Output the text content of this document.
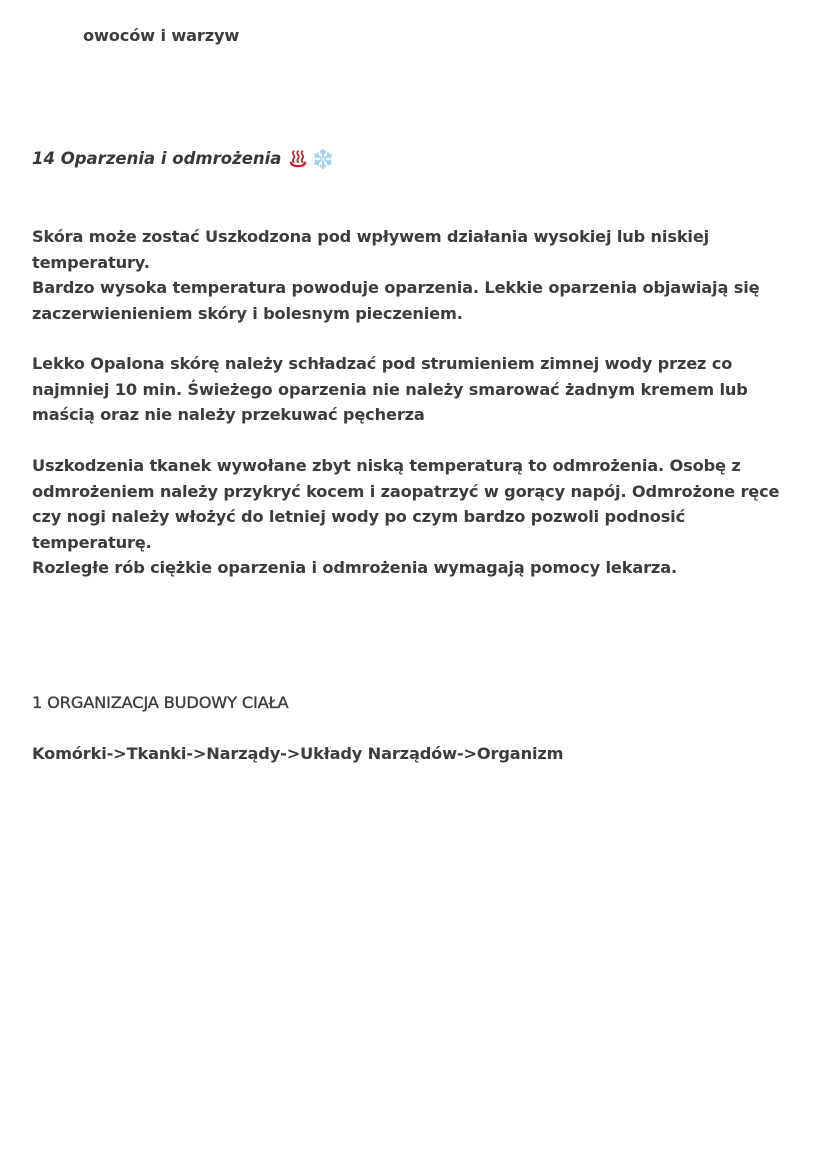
owoców i warzyw

14 Oparzenia i odmrożenia

Skóra może zostać Uszkodzona pod wpływem działania wysokiej lub niskiej temperatury.

Bardzo wysoka temperatura powoduje oparzenia. Lekkie oparzenia objawiają się zaczerwienieniem skóry i bolesnym pieczeniem.

Lekko Opalona skórę należy schładzać pod strumieniem zimnej wody przez co najmniej 10 min. Świeżego oparzenia nie należy smarować żadnym kremem lub maścią oraz nie należy przekuwać pęcherza

Uszkodzenia tkanek wywołane zbyt niską temperaturą to odmrożenia. Osobę z odmrożeniem należy przykryć kocem i zaopatrzyć w gorący napój. Odmrożone ręce czy nogi należy włożyć do letniej wody po czym bardzo pozwoli podnosić temperaturę.

Rozległe rób ciężkie oparzenia i odmrożenia wymagają pomocy lekarza.

1 ORGANIZACJA BUDOWY CIAŁA

Komórki->Tkanki->Narządy->Układy Narządów->Organizm
